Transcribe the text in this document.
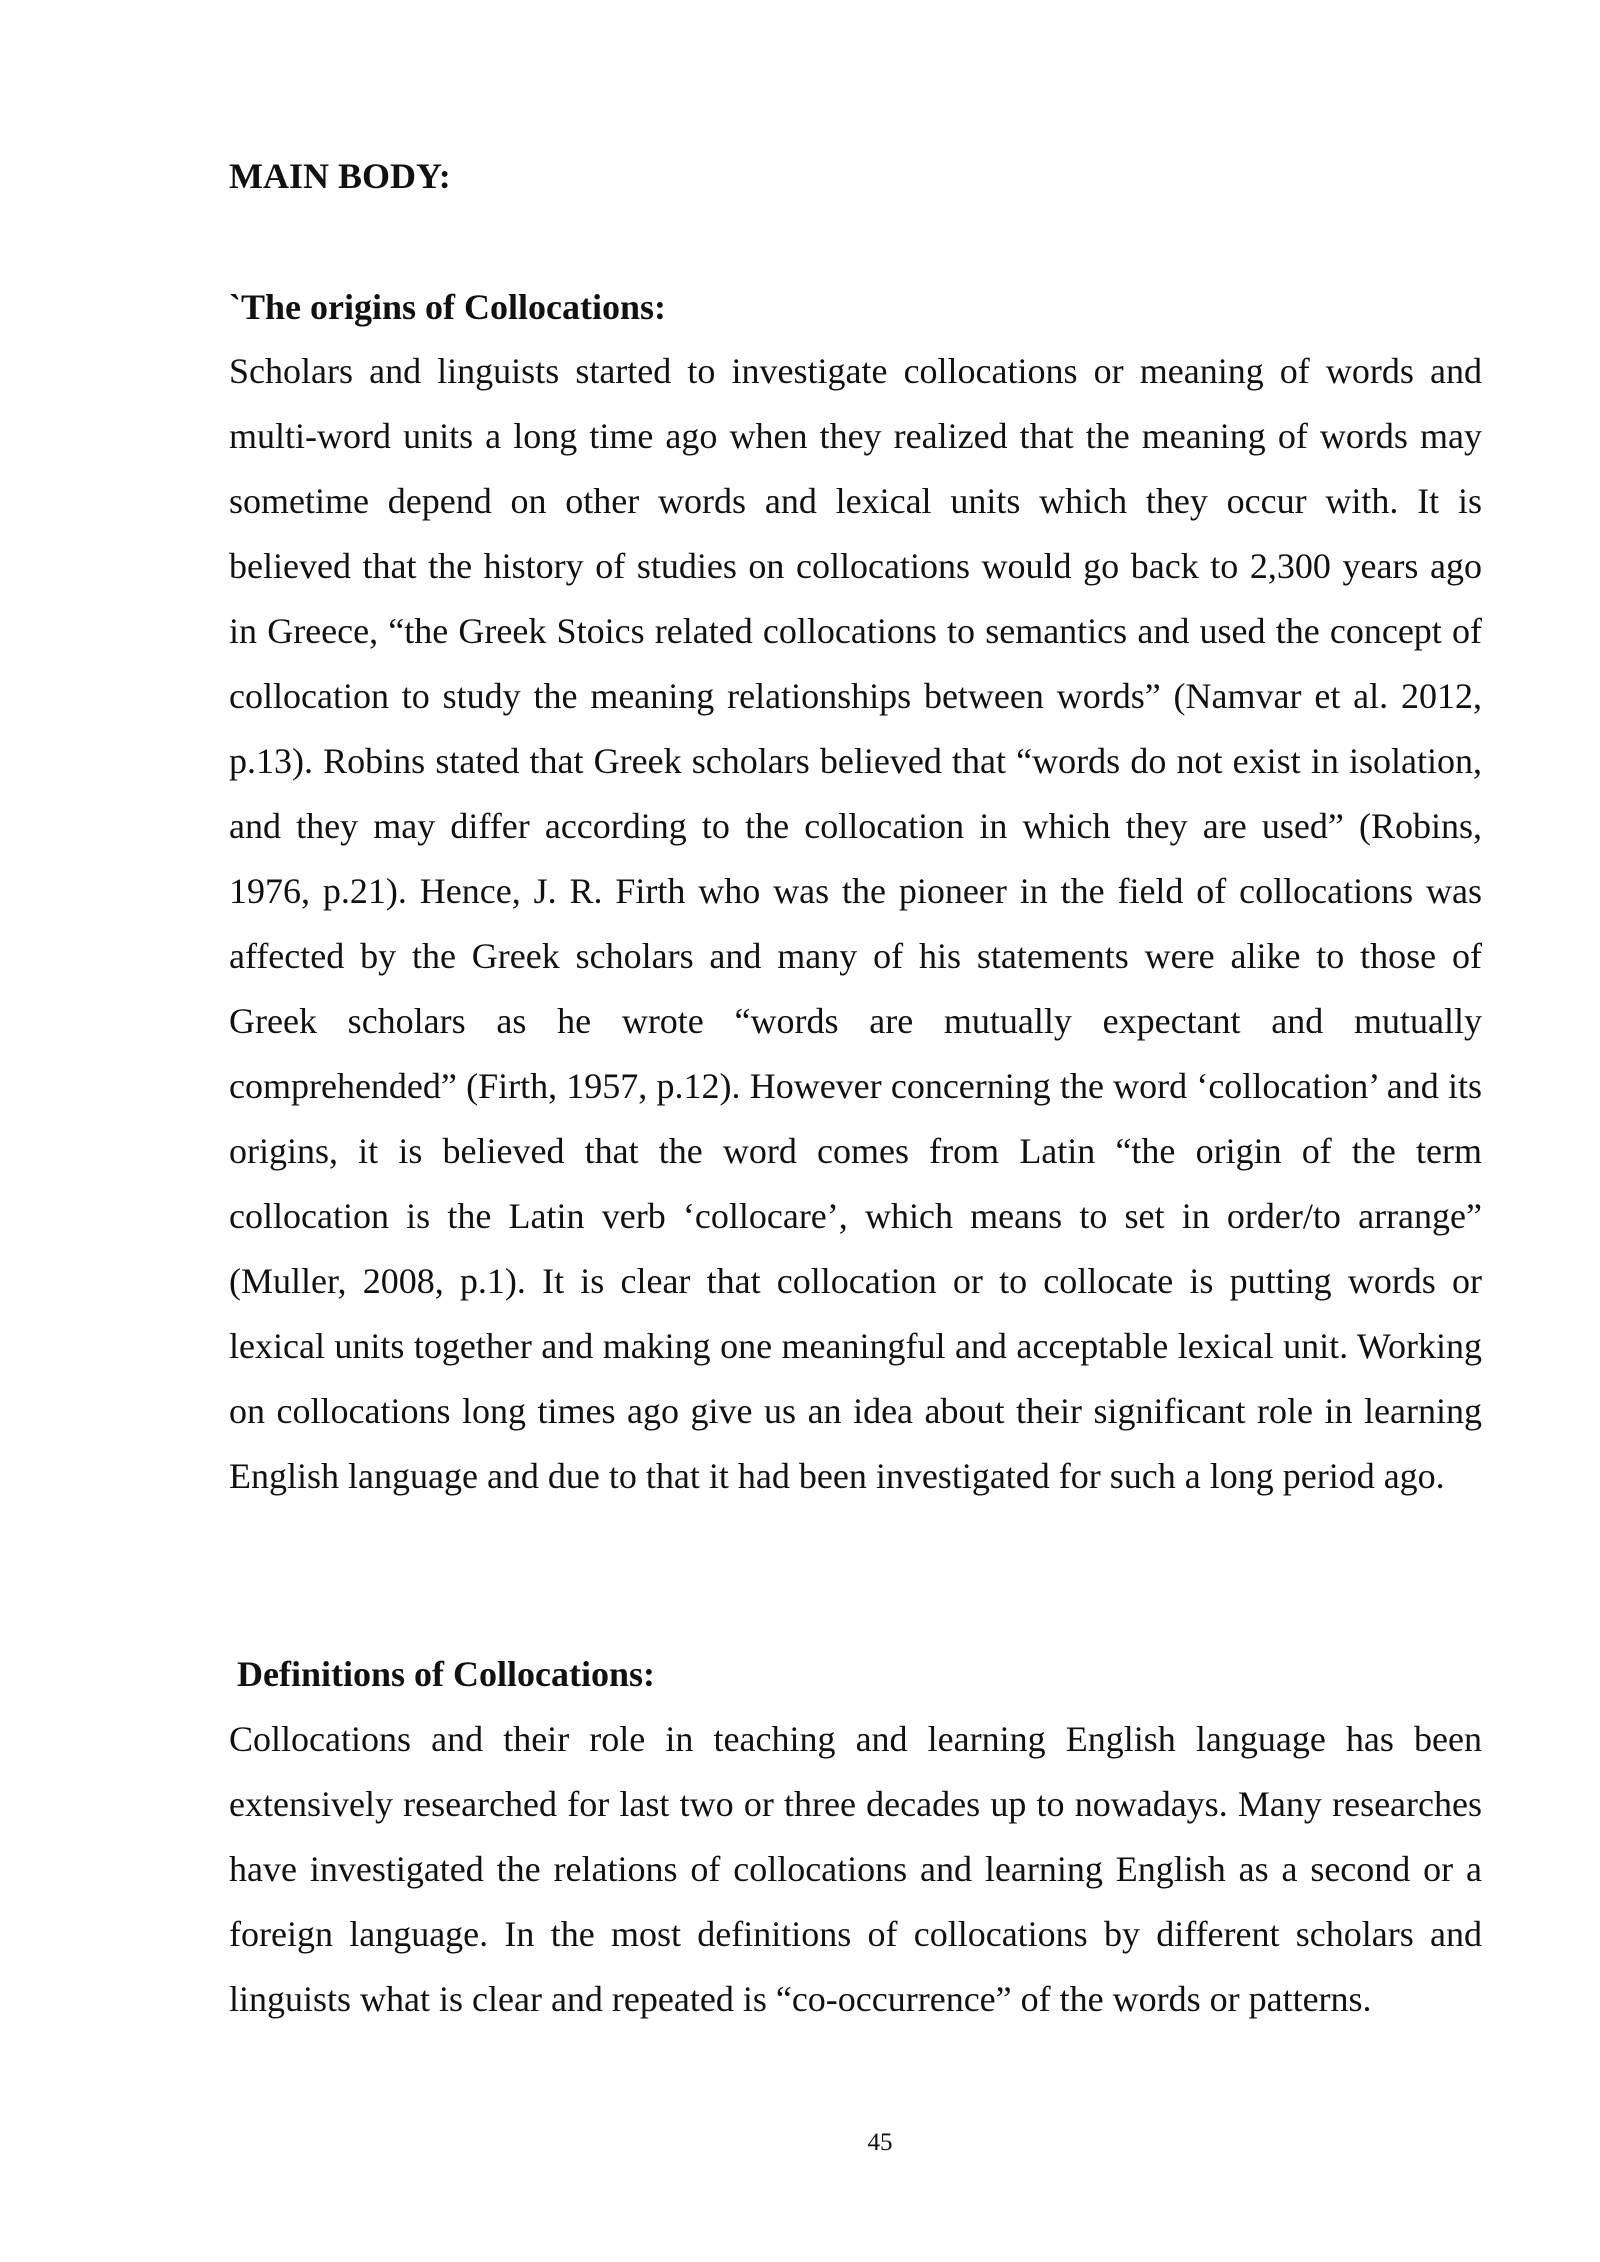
MAIN BODY:
`The origins of Collocations:

Scholars and linguists started to investigate collocations or meaning of words and multi-word units a long time ago when they realized that the meaning of words may sometime depend on other words and lexical units which they occur with. It is believed that the history of studies on collocations would go back to 2,300 years ago in Greece, “the Greek Stoics related collocations to semantics and used the concept of collocation to study the meaning relationships between words” (Namvar et al. 2012, p.13). Robins stated that Greek scholars believed that “words do not exist in isolation, and they may differ according to the collocation in which they are used” (Robins, 1976, p.21). Hence, J. R. Firth who was the pioneer in the field of collocations was affected by the Greek scholars and many of his statements were alike to those of Greek scholars as he wrote “words are mutually expectant and mutually comprehended” (Firth, 1957, p.12). However concerning the word ‘collocation’ and its origins, it is believed that the word comes from Latin “the origin of the term collocation is the Latin verb ‘collocare’, which means to set in order/to arrange” (Muller, 2008, p.1). It is clear that collocation or to collocate is putting words or lexical units together and making one meaningful and acceptable lexical unit. Working on collocations long times ago give us an idea about their significant role in learning English language and due to that it had been investigated for such a long period ago.

Definitions of Collocations:

Collocations and their role in teaching and learning English language has been extensively researched for last two or three decades up to nowadays. Many researches have investigated the relations of collocations and learning English as a second or a foreign language. In the most definitions of collocations by different scholars and linguists what is clear and repeated is “co-occurrence” of the words or patterns.

45
